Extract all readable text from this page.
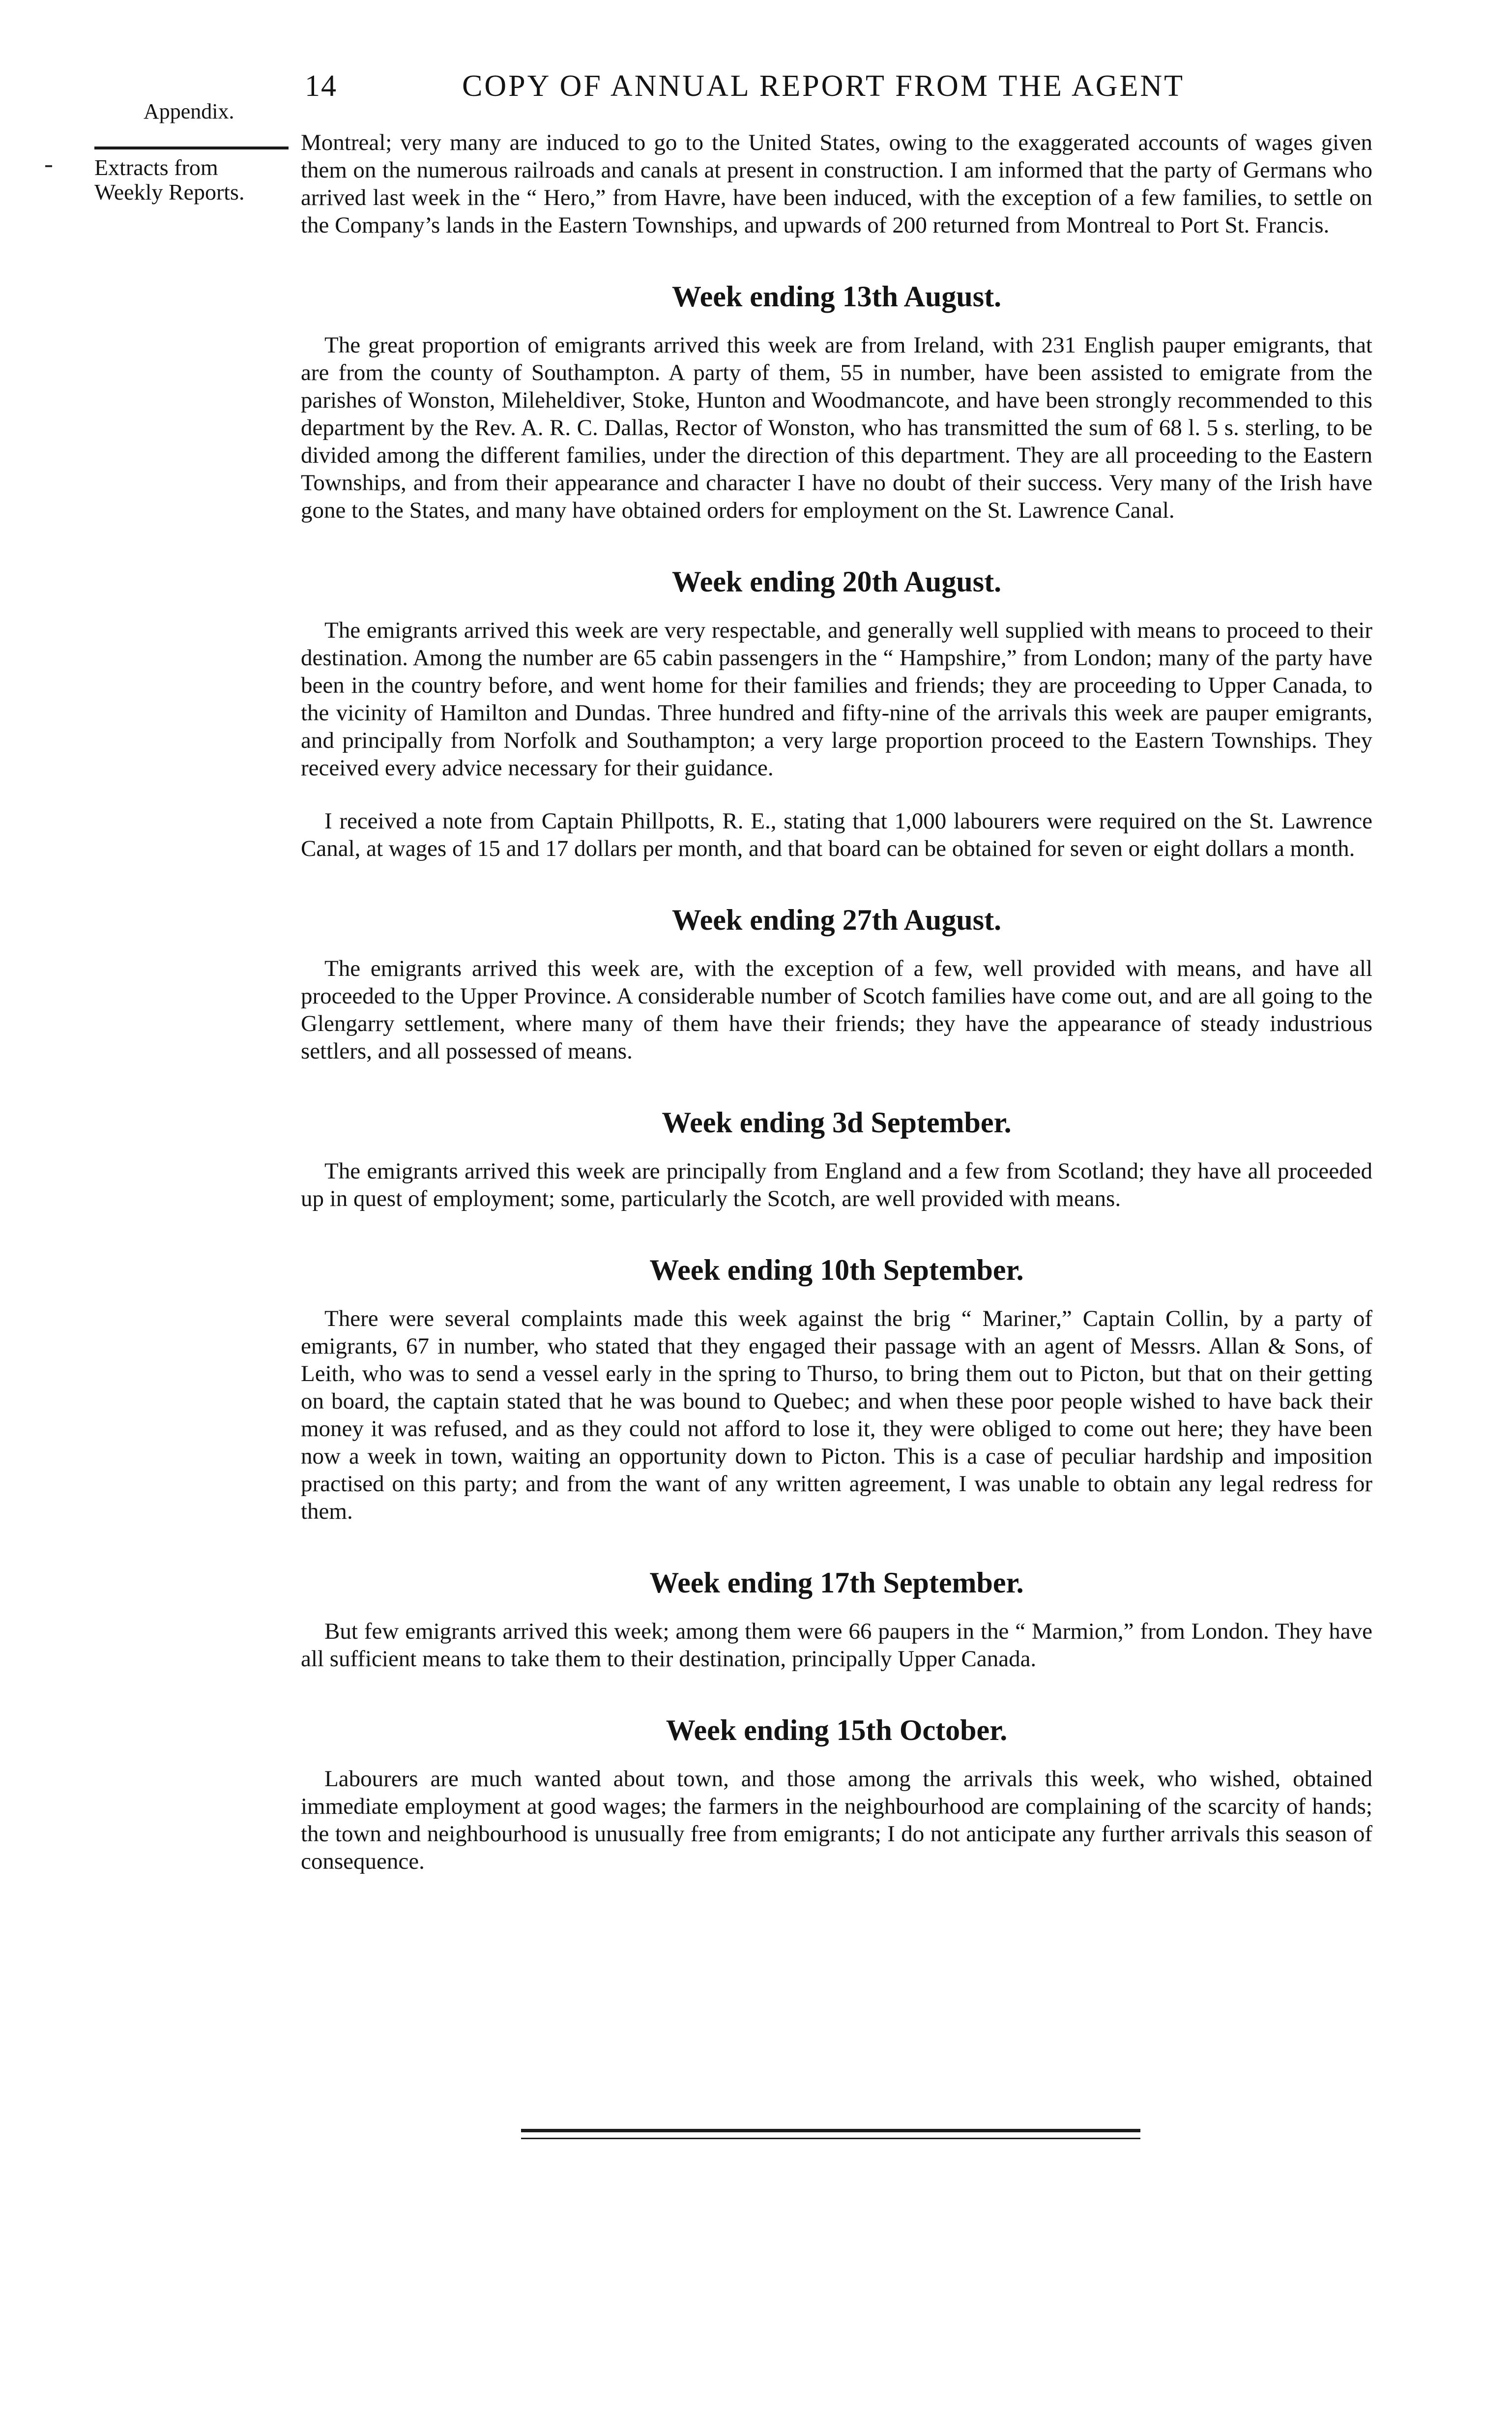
Appendix.
Extracts from
Weekly Reports.
14	COPY OF ANNUAL REPORT FROM THE AGENT

Montreal; very many are induced to go to the United States, owing to the exaggerated accounts of wages given them on the numerous railroads and canals at present in construction. I am informed that the party of Germans who arrived last week in the “ Hero,” from Havre, have been induced, with the exception of a few families, to settle on the Company’s lands in the Eastern Townships, and upwards of 200 returned from Montreal to Port St. Francis.

Week ending 13th August.

The great proportion of emigrants arrived this week are from Ireland, with 231 English pauper emigrants, that are from the county of Southampton. A party of them, 55 in number, have been assisted to emigrate from the parishes of Wonston, Mileheldiver, Stoke, Hunton and Woodmancote, and have been strongly recommended to this department by the Rev. A. R. C. Dallas, Rector of Wonston, who has transmitted the sum of 68 l. 5 s. sterling, to be divided among the different families, under the direction of this department. They are all proceeding to the Eastern Townships, and from their appearance and character I have no doubt of their success. Very many of the Irish have gone to the States, and many have obtained orders for employment on the St. Lawrence Canal.

Week ending 20th August.

The emigrants arrived this week are very respectable, and generally well supplied with means to proceed to their destination. Among the number are 65 cabin passengers in the “ Hampshire,” from London; many of the party have been in the country before, and went home for their families and friends; they are proceeding to Upper Canada, to the vicinity of Hamilton and Dundas. Three hundred and fifty-nine of the arrivals this week are pauper emigrants, and principally from Norfolk and Southampton; a very large proportion proceed to the Eastern Townships. They received every advice necessary for their guidance.

I received a note from Captain Phillpotts, R. E., stating that 1,000 labourers were required on the St. Lawrence Canal, at wages of 15 and 17 dollars per month, and that board can be obtained for seven or eight dollars a month.

Week ending 27th August.

The emigrants arrived this week are, with the exception of a few, well provided with means, and have all proceeded to the Upper Province. A considerable number of Scotch families have come out, and are all going to the Glengarry settlement, where many of them have their friends; they have the appearance of steady industrious settlers, and all possessed of means.

Week ending 3d September.

The emigrants arrived this week are principally from England and a few from Scotland; they have all proceeded up in quest of employment; some, particularly the Scotch, are well provided with means.

Week ending 10th September.

There were several complaints made this week against the brig “ Mariner,” Captain Collin, by a party of emigrants, 67 in number, who stated that they engaged their passage with an agent of Messrs. Allan & Sons, of Leith, who was to send a vessel early in the spring to Thurso, to bring them out to Picton, but that on their getting on board, the captain stated that he was bound to Quebec; and when these poor people wished to have back their money it was refused, and as they could not afford to lose it, they were obliged to come out here; they have been now a week in town, waiting an opportunity down to Picton. This is a case of peculiar hardship and imposition practised on this party; and from the want of any written agreement, I was unable to obtain any legal redress for them.

Week ending 17th September.

But few emigrants arrived this week; among them were 66 paupers in the “ Marmion,” from London. They have all sufficient means to take them to their destination, principally Upper Canada.

Week ending 15th October.

Labourers are much wanted about town, and those among the arrivals this week, who wished, obtained immediate employment at good wages; the farmers in the neighbourhood are complaining of the scarcity of hands; the town and neighbourhood is unusually free from emigrants; I do not anticipate any further arrivals this season of consequence.
